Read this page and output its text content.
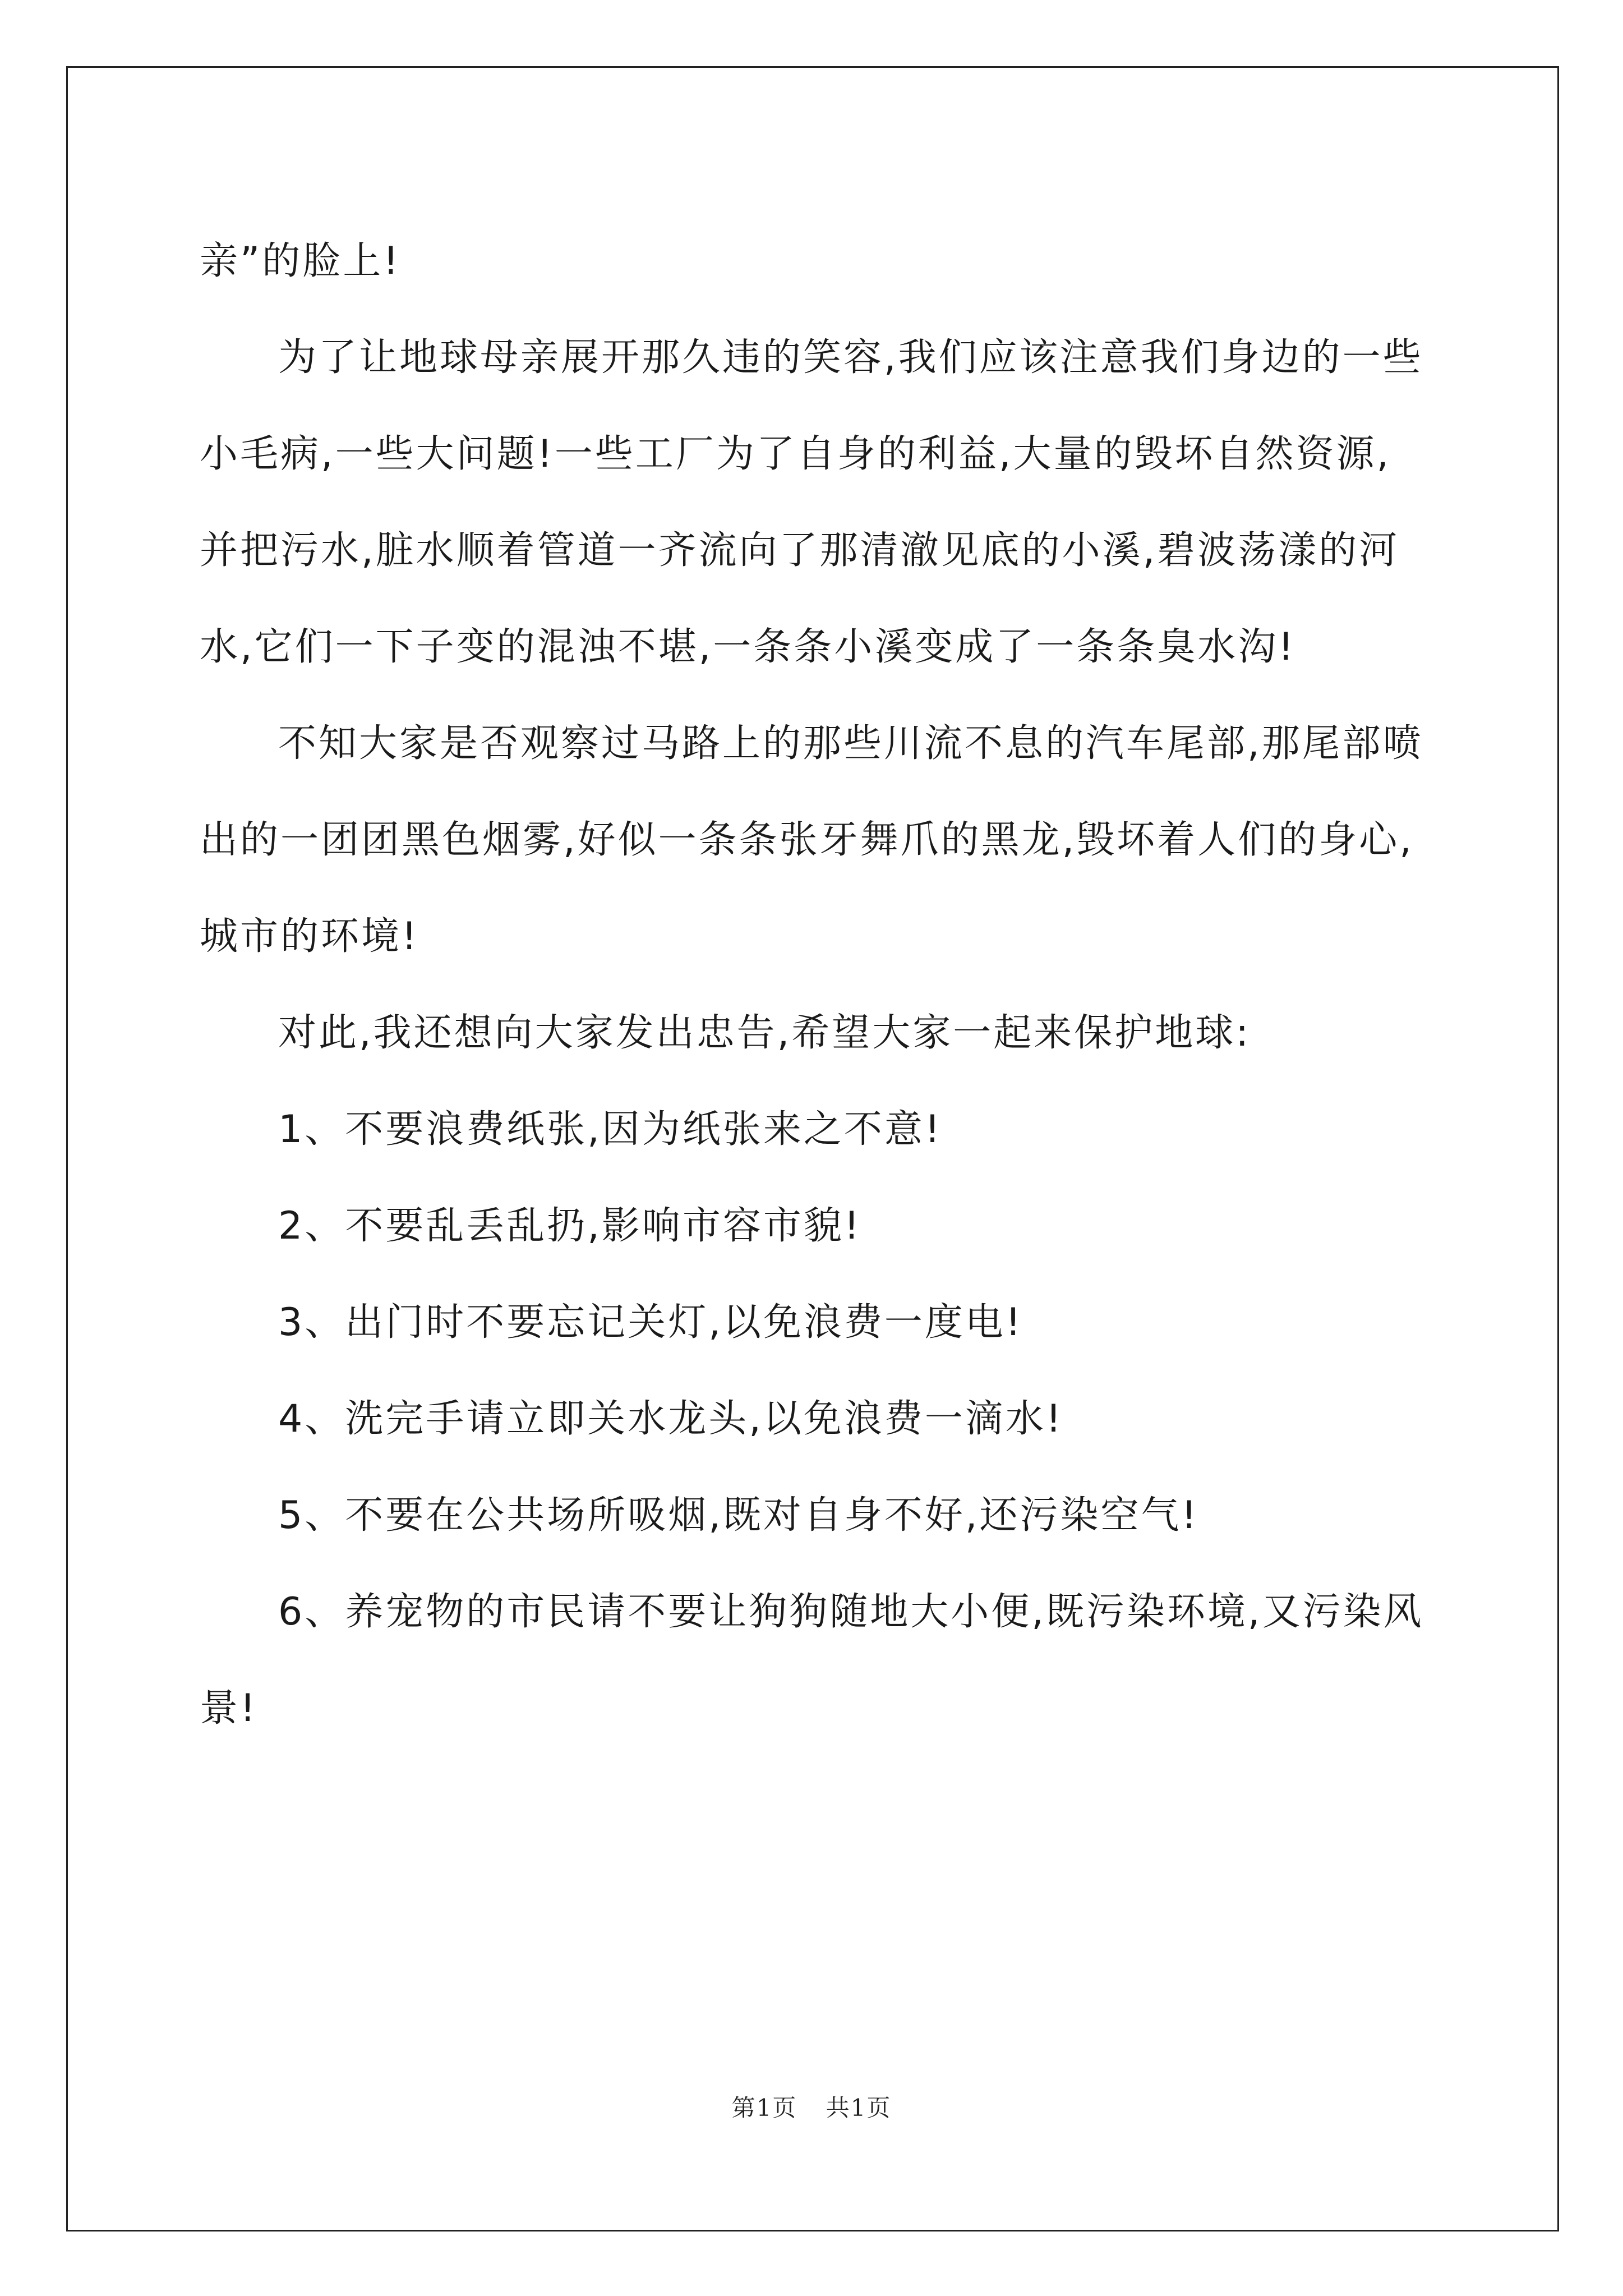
亲”的脸上!

为了让地球母亲展开那久违的笑容,我们应该注意我们身边的一些小毛病,一些大问题!一些工厂为了自身的利益,大量的毁坏自然资源,并把污水,脏水顺着管道一齐流向了那清澈见底的小溪,碧波荡漾的河水,它们一下子变的混浊不堪,一条条小溪变成了一条条臭水沟!

不知大家是否观察过马路上的那些川流不息的汽车尾部,那尾部喷出的一团团黑色烟雾,好似一条条张牙舞爪的黑龙,毁坏着人们的身心,城市的环境!

对此,我还想向大家发出忠告,希望大家一起来保护地球:

1、不要浪费纸张,因为纸张来之不意!

2、不要乱丢乱扔,影响市容市貌!

3、出门时不要忘记关灯,以免浪费一度电!

4、洗完手请立即关水龙头,以免浪费一滴水!

5、不要在公共场所吸烟,既对自身不好,还污染空气!

6、养宠物的市民请不要让狗狗随地大小便,既污染环境,又污染风景!

第1页 共1页
